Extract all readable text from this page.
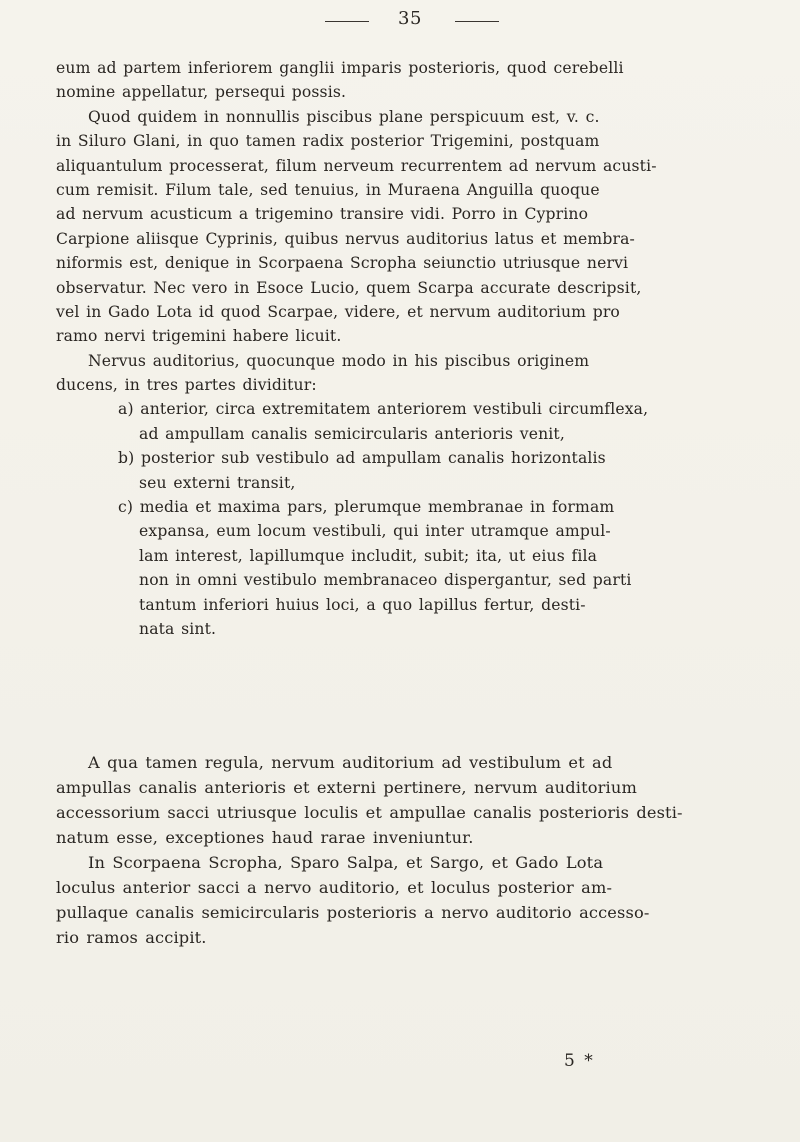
35
eum ad partem inferiorem ganglii imparis posterioris, quod cerebelli
nomine appellatur, persequi possis.
Quod quidem in nonnullis piscibus plane perspicuum est, v. c.
in Siluro Glani, in quo tamen radix posterior Trigemini, postquam
aliquantulum processerat, filum nerveum recurrentem ad nervum acusti-
cum remisit. Filum tale, sed tenuius, in Muraena Anguilla quoque
ad nervum acusticum a trigemino transire vidi. Porro in Cyprino
Carpione aliisque Cyprinis, quibus nervus auditorius latus et membra-
niformis est, denique in Scorpaena Scropha seiunctio utriusque nervi
observatur. Nec vero in Esoce Lucio, quem Scarpa accurate descripsit,
vel in Gado Lota id quod Scarpae, videre, et nervum auditorium pro
ramo nervi trigemini habere licuit.
Nervus auditorius, quocunque modo in his piscibus originem
ducens, in tres partes dividitur:
a) anterior, circa extremitatem anteriorem vestibuli circumflexa,
ad ampullam canalis semicircularis anterioris venit,
b) posterior sub vestibulo ad ampullam canalis horizontalis
seu externi transit,
c) media et maxima pars, plerumque membranae in formam
expansa, eum locum vestibuli, qui inter utramque ampul-
lam interest, lapillumque includit, subit; ita, ut eius fila
non in omni vestibulo membranaceo dispergantur, sed parti
tantum inferiori huius loci, a quo lapillus fertur, desti-
nata sint.
A qua tamen regula, nervum auditorium ad vestibulum et ad
ampullas canalis anterioris et externi pertinere, nervum auditorium
accessorium sacci utriusque loculis et ampullae canalis posterioris desti-
natum esse, exceptiones haud rarae inveniuntur.
In Scorpaena Scropha, Sparo Salpa, et Sargo, et Gado Lota
loculus anterior sacci a nervo auditorio, et loculus posterior am-
pullaque canalis semicircularis posterioris a nervo auditorio accesso-
rio ramos accipit.
5 *
